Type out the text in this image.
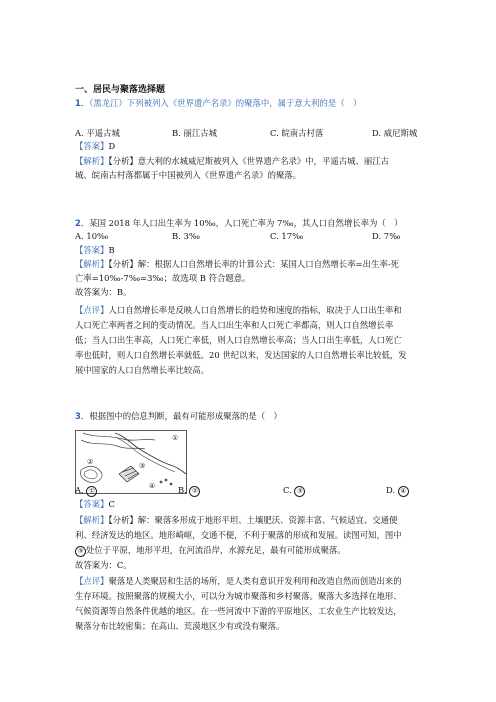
一、居民与聚落选择题
1．（黑龙江）下列被列入《世界遗产名录》的聚落中，属于意大利的是（　）
A. 平遥古城	B. 丽江古城	C. 皖南古村落	D. 威尼斯城
【答案】D
【解析】【分析】意大利的水城威尼斯被列入《世界遗产名录》中，平遥古城、丽江古
城、皖南古村落都属于中国被列入《世界遗产名录》的聚落。
2．某国 2018 年人口出生率为 10‰，人口死亡率为 7‰，其人口自然增长率为（　）
A. 10‰	B. 3‰	C. 17‰	D. 7‰
【答案】B
【解析】【分析】解：根据人口自然增长率的计算公式：某国人口自然增长率=出生率-死
亡率=10‰-7‰=3‰；故选项 B 符合题意。
故答案为：B。
【点评】人口自然增长率是反映人口自然增长的趋势和速度的指标，取决于人口出生率和
人口死亡率两者之间的变动情况。当人口出生率和人口死亡率都高，则人口自然增长率
低；当人口出生率高，人口死亡率低，则人口自然增长率高；当人口出生率低，人口死亡
率也低时，则人口自然增长率就低。20 世纪以来，发达国家的人口自然增长率比较低，发
展中国家的人口自然增长率比较高。
3．根据图中的信息判断，最有可能形成聚落的是（　）
①
②	③
④
A. ①	B. ②	C. ③	D. ④
【答案】C
【解析】【分析】解：聚落多形成于地形平坦、土壤肥沃、资源丰富、气候适宜、交通便
利、经济发达的地区。地形崎岖，交通不便，不利于聚落的形成和发展。读图可知，图中
③ 处位于平原，地形平坦，在河流沿岸，水源充足，最有可能形成聚落。
故答案为：C。
【点评】聚落是人类聚居和生活的场所，是人类有意识开发利用和改造自然而创造出来的
生存环境。按照聚落的规模大小，可以分为城市聚落和乡村聚落。聚落大多选择在地形、
气候资源等自然条件优越的地区。在一些河流中下游的平原地区，工农业生产比较发达，
聚落分布比较密集；在高山、荒漠地区少有或没有聚落。
